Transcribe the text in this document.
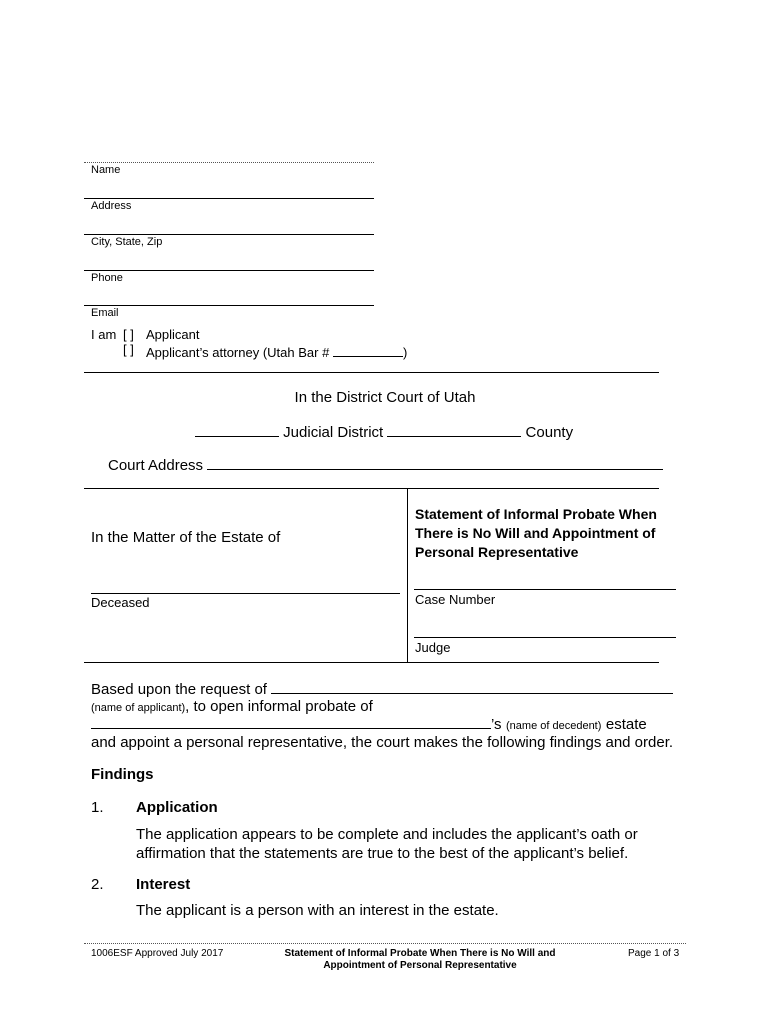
Name
Address
City, State, Zip
Phone
Email
I am [ ] Applicant
[ ] Applicant’s attorney (Utah Bar #	)
In the District Court of Utah
Judicial District	County
Court Address
In the Matter of the Estate of
Deceased
Statement of Informal Probate When There is No Will and Appointment of Personal Representative
Case Number
Judge
Based upon the request of
(name of applicant), to open informal probate of
’s (name of decedent) estate
and appoint a personal representative, the court makes the following findings and order.
Findings
1. Application
The application appears to be complete and includes the applicant’s oath or affirmation that the statements are true to the best of the applicant’s belief.
2. Interest
The applicant is a person with an interest in the estate.
1006ESF Approved July 2017	Statement of Informal Probate When There is No Will and Appointment of Personal Representative
Page 1 of 3
